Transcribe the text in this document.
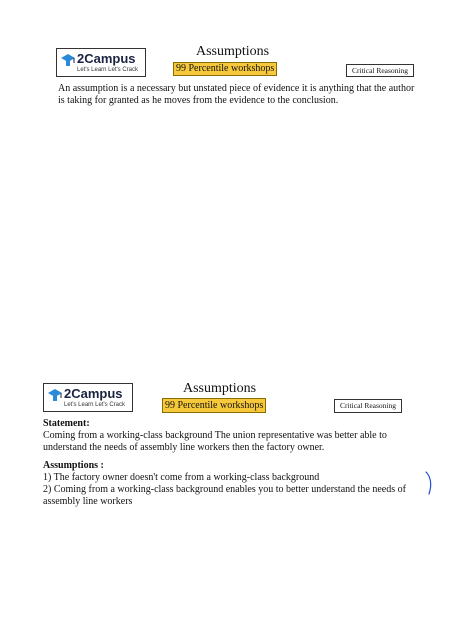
2Campus
Let's Learn Let's Crack
Assumptions
99 Percentile workshops	Critical Reasoning
An assumption is a necessary but unstated piece of evidence it is anything that the author is taking for granted as he moves from the evidence to the conclusion.
2Campus
Let's Learn Let's Crack
Assumptions
99 Percentile workshops	Critical Reasoning
Statement:
Coming from a working-class background The union representative was better able to
understand the needs of assembly line workers then the factory owner.
Assumptions :
1) The factory owner doesn't come from a working-class background
2) Coming from a working-class background enables you to better understand the needs of
assembly line workers
